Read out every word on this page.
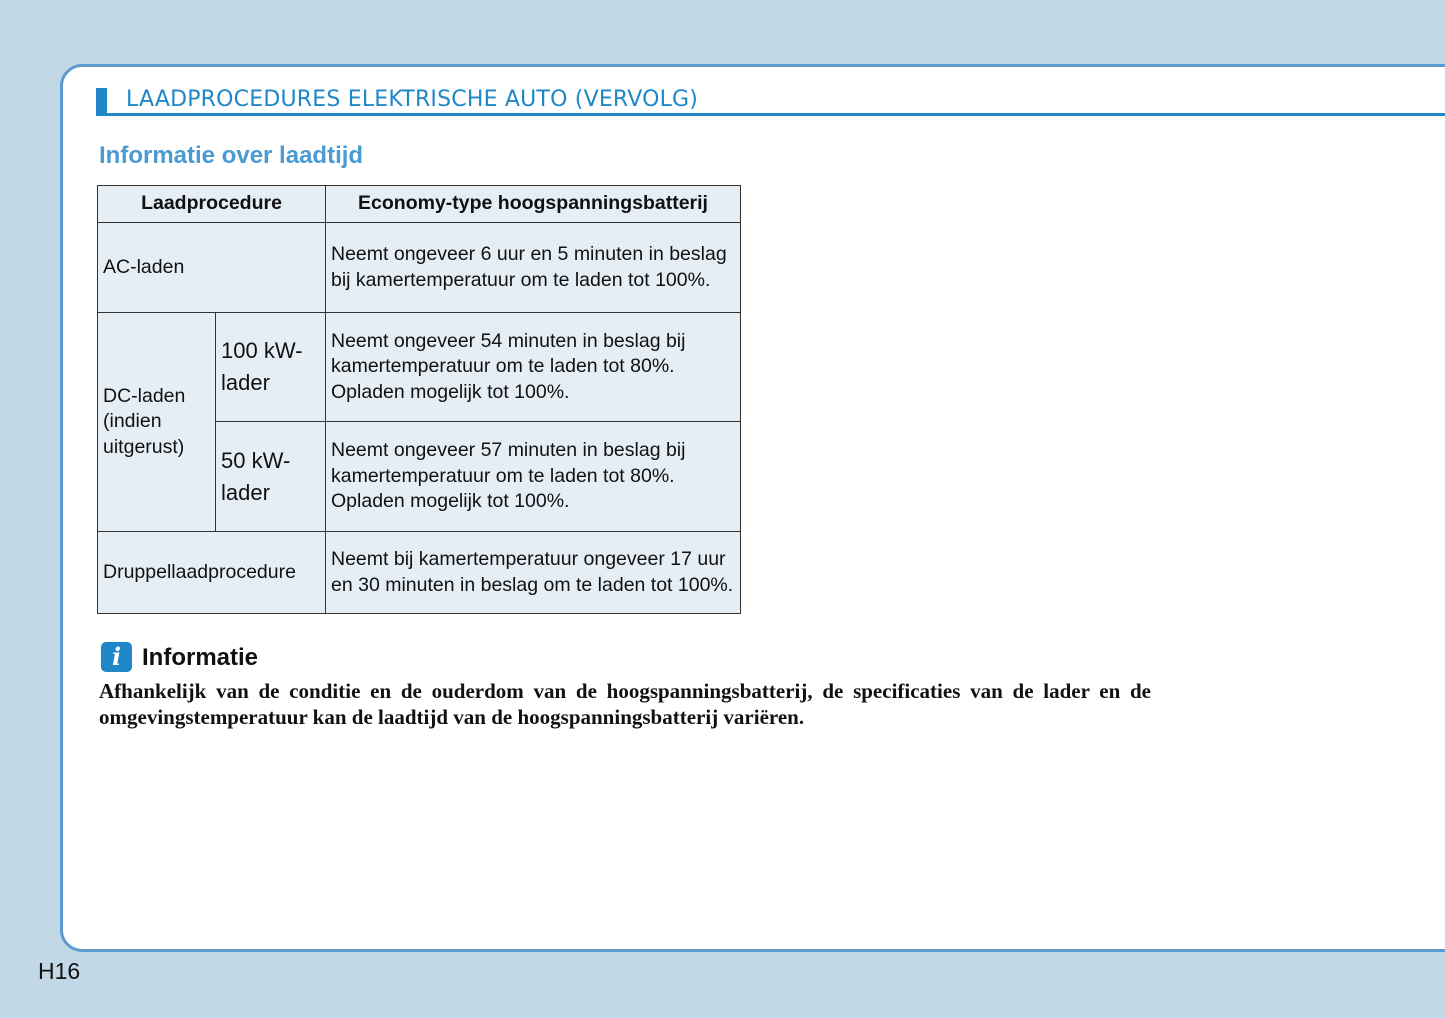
LAADPROCEDURES ELEKTRISCHE AUTO (VERVOLG)
Informatie over laadtijd
Laadprocedure		Economy-type hoogspanningsbatterij
AC-laden		Neemt ongeveer 6 uur en 5 minuten in beslag bij kamertemperatuur om te laden tot 100%.
DC-laden (indien uitgerust)	100 kW-lader	Neemt ongeveer 54 minuten in beslag bij kamertemperatuur om te laden tot 80%. Opladen mogelijk tot 100%.
	50 kW-lader	Neemt ongeveer 57 minuten in beslag bij kamertemperatuur om te laden tot 80%. Opladen mogelijk tot 100%.
Druppellaadprocedure		Neemt bij kamertemperatuur ongeveer 17 uur en 30 minuten in beslag om te laden tot 100%.
i Informatie
Afhankelijk van de conditie en de ouderdom van de hoogspanningsbatterij, de specificaties van de lader en de omgevingstemperatuur kan de laadtijd van de hoogspanningsbatterij variëren.
H16
